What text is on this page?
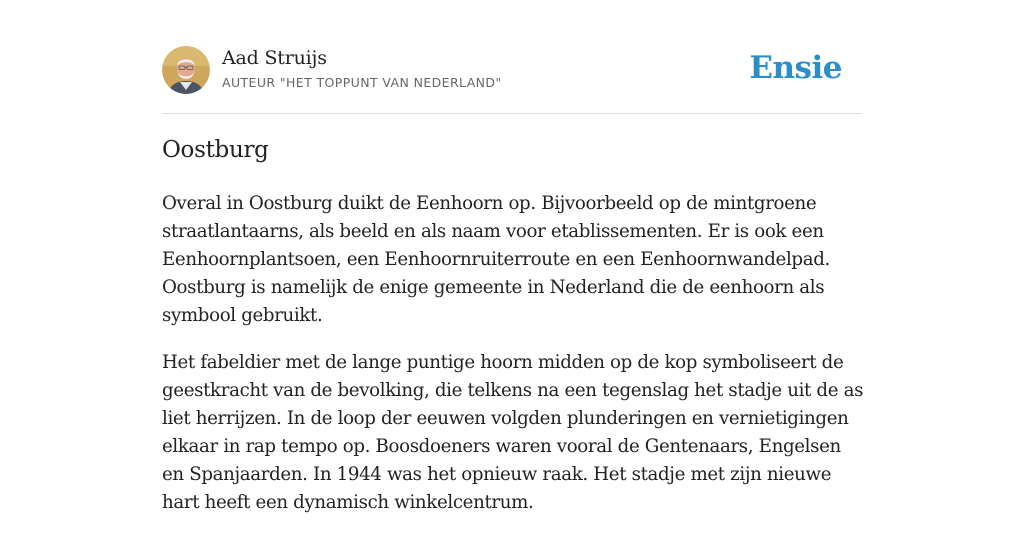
Aad Struijs
AUTEUR "HET TOPPUNT VAN NEDERLAND"	Ensie
Oostburg

Overal in Oostburg duikt de Eenhoorn op. Bijvoorbeeld op de mintgroene straatlantaarns, als beeld en als naam voor etablissementen. Er is ook een Eenhoornplantsoen, een Eenhoornruiterroute en een Eenhoornwandelpad. Oostburg is namelijk de enige gemeente in Nederland die de eenhoorn als symbool gebruikt.

Het fabeldier met de lange puntige hoorn midden op de kop symboliseert de geestkracht van de bevolking, die telkens na een tegenslag het stadje uit de as liet herrijzen. In de loop der eeuwen volgden plunderingen en vernietigingen elkaar in rap tempo op. Boosdoeners waren vooral de Gentenaars, Engelsen en Spanjaarden. In 1944 was het opnieuw raak. Het stadje met zijn nieuwe hart heeft een dynamisch winkelcentrum.
